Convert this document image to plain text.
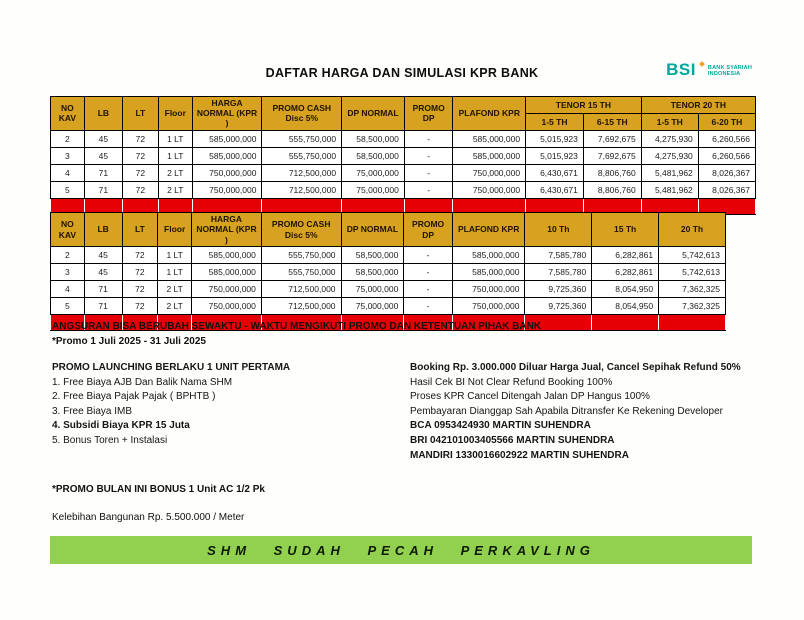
DAFTAR HARGA DAN SIMULASI KPR BANK	BSI BANK SYARIAH
INDONESIA
NO KAV	LB	LT	Floor	HARGA NORMAL (KPR )	PROMO CASH Disc 5%	DP NORMAL	PROMO DP	PLAFOND KPR	TENOR 15 TH		TENOR 20 TH	
									1-5 TH	6-15 TH	1-5 TH	6-20 TH
2	45	72	1 LT	585,000,000	555,750,000	58,500,000	-	585,000,000	5,015,923	7,692,675	4,275,930	6,260,566
3	45	72	1 LT	585,000,000	555,750,000	58,500,000	-	585,000,000	5,015,923	7,692,675	4,275,930	6,260,566
4	71	72	2 LT	750,000,000	712,500,000	75,000,000	-	750,000,000	6,430,671	8,806,760	5,481,962	8,026,367
5	71	72	2 LT	750,000,000	712,500,000	75,000,000	-	750,000,000	6,430,671	8,806,760	5,481,962	8,026,367

NO KAV	LB	LT	Floor	HARGA NORMAL (KPR )	PROMO CASH Disc 5%	DP NORMAL	PROMO DP	PLAFOND KPR	10 Th	15 Th	20 Th
2	45	72	1 LT	585,000,000	555,750,000	58,500,000	-	585,000,000	7,585,780	6,282,861	5,742,613
3	45	72	1 LT	585,000,000	555,750,000	58,500,000	-	585,000,000	7,585,780	6,282,861	5,742,613
4	71	72	2 LT	750,000,000	712,500,000	75,000,000	-	750,000,000	9,725,360	8,054,950	7,362,325
5	71	72	2 LT	750,000,000	712,500,000	75,000,000	-	750,000,000	9,725,360	8,054,950	7,362,325

ANGSURAN BISA BERUBAH SEWAKTU - WAKTU MENGIKUTI PROMO DAN KETENTUAN PIHAK BANK
*Promo 1 Juli 2025 - 31 Juli 2025
PROMO LAUNCHING BERLAKU 1 UNIT PERTAMA
1. Free Biaya AJB Dan Balik Nama SHM
2. Free Biaya Pajak Pajak ( BPHTB )
3. Free Biaya IMB
4. Subsidi Biaya KPR 15 Juta
5. Bonus Toren + Instalasi
Booking Rp. 3.000.000 Diluar Harga Jual, Cancel Sepihak Refund 50%
Hasil Cek BI Not Clear Refund Booking 100%
Proses KPR Cancel Ditengah Jalan DP Hangus 100%
Pembayaran Dianggap Sah Apabila Ditransfer Ke Rekening Developer
BCA 0953424930 MARTIN SUHENDRA
BRI 042101003405566 MARTIN SUHENDRA
MANDIRI 1330016602922 MARTIN SUHENDRA
*PROMO BULAN INI BONUS 1 Unit AC 1/2 Pk
Kelebihan Bangunan Rp. 5.500.000 / Meter
SHM SUDAH PECAH PERKAVLING
